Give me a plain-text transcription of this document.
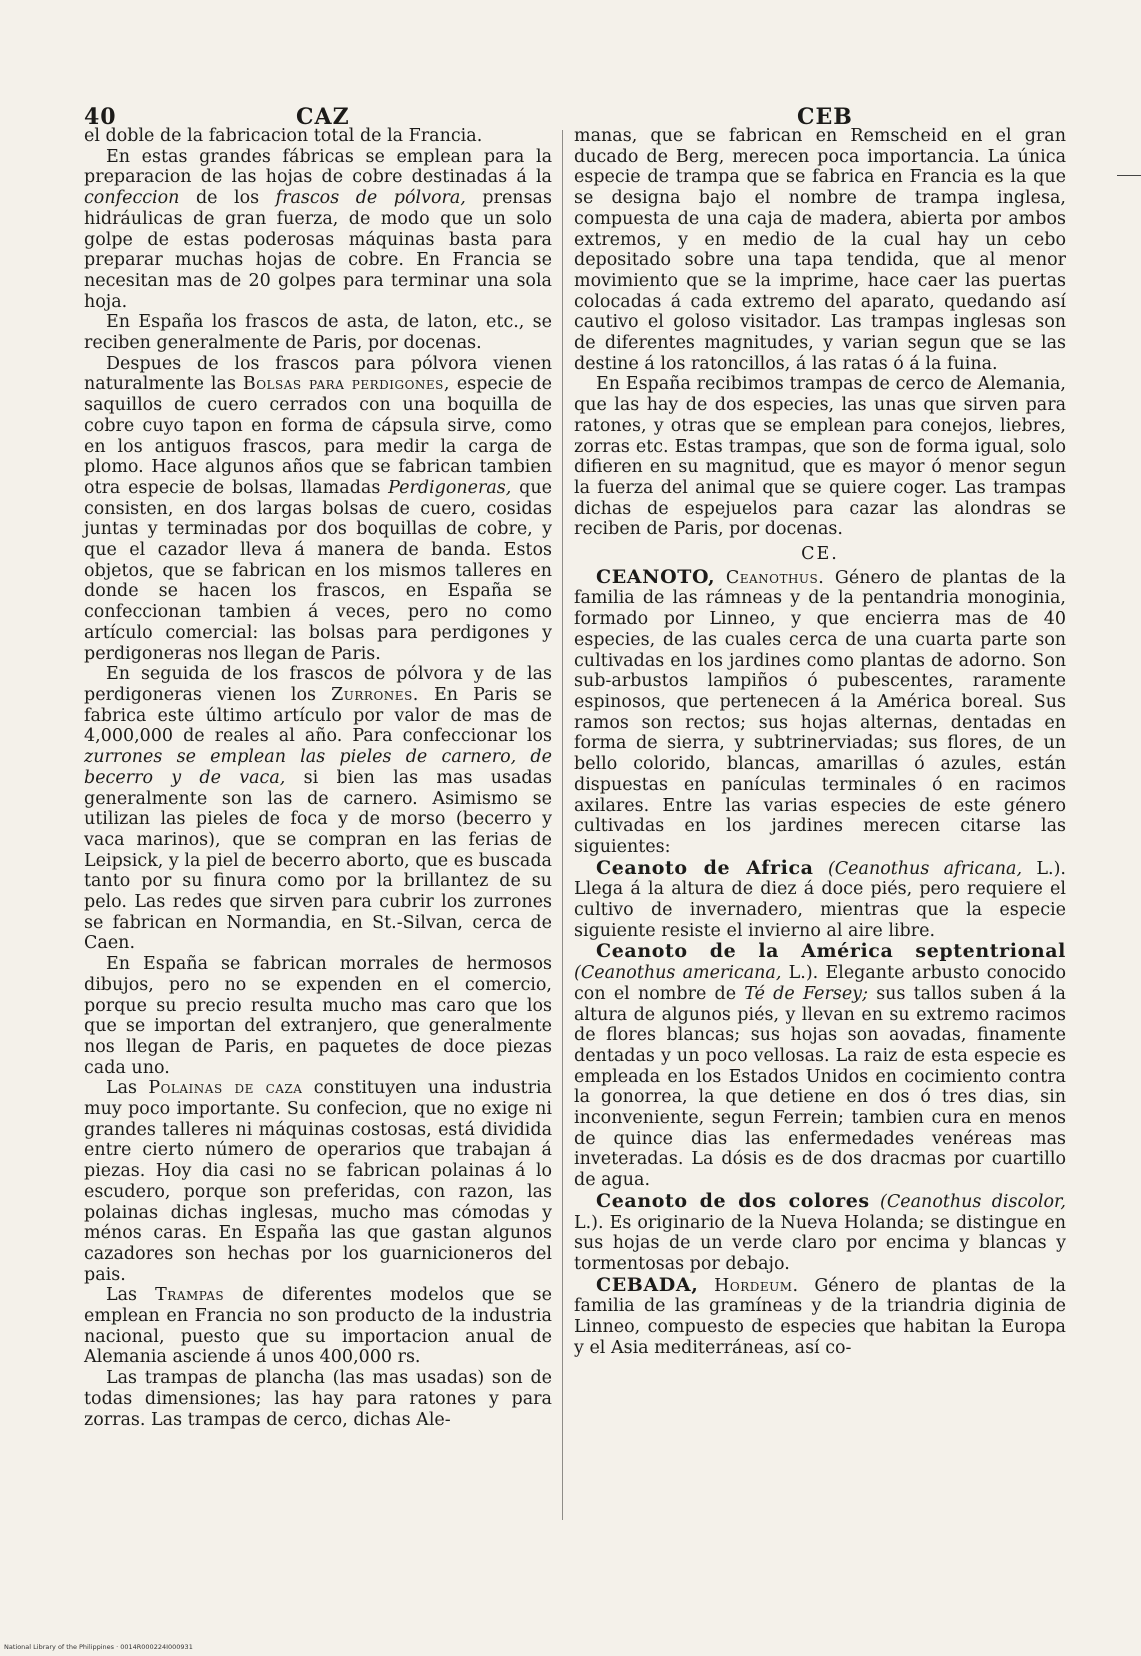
40	CAZ	CEB

el doble de la fabricacion total de la Francia.

En estas grandes fábricas se emplean para la preparacion de las hojas de cobre destinadas á la confeccion de los frascos de pólvora, prensas hidráulicas de gran fuerza, de modo que un solo golpe de estas poderosas máquinas basta para preparar muchas hojas de cobre. En Francia se necesitan mas de 20 golpes para terminar una sola hoja.

En España los frascos de asta, de laton, etc., se reciben generalmente de Paris, por docenas.

Despues de los frascos para pólvora vienen naturalmente las Bolsas para perdigones, especie de saquillos de cuero cerrados con una boquilla de cobre cuyo tapon en forma de cápsula sirve, como en los antiguos frascos, para medir la carga de plomo. Hace algunos años que se fabrican tambien otra especie de bolsas, llamadas Perdigoneras, que consisten, en dos largas bolsas de cuero, cosidas juntas y terminadas por dos boquillas de cobre, y que el cazador lleva á manera de banda. Estos objetos, que se fabrican en los mismos talleres en donde se hacen los frascos, en España se confeccionan tambien á veces, pero no como artículo comercial: las bolsas para perdigones y perdigoneras nos llegan de Paris.

En seguida de los frascos de pólvora y de las perdigoneras vienen los Zurrones. En Paris se fabrica este último artículo por valor de mas de 4,000,000 de reales al año. Para confeccionar los zurrones se emplean las pieles de carnero, de becerro y de vaca, si bien las mas usadas generalmente son las de carnero. Asimismo se utilizan las pieles de foca y de morso (becerro y vaca marinos), que se compran en las ferias de Leipsick, y la piel de becerro aborto, que es buscada tanto por su finura como por la brillantez de su pelo. Las redes que sirven para cubrir los zurrones se fabrican en Normandia, en St.-Silvan, cerca de Caen.

En España se fabrican morrales de hermosos dibujos, pero no se expenden en el comercio, porque su precio resulta mucho mas caro que los que se importan del extranjero, que generalmente nos llegan de Paris, en paquetes de doce piezas cada uno.

Las Polainas de caza constituyen una industria muy poco importante. Su confecion, que no exige ni grandes talleres ni máquinas costosas, está dividida entre cierto número de operarios que trabajan á piezas. Hoy dia casi no se fabrican polainas á lo escudero, porque son preferidas, con razon, las polainas dichas inglesas, mucho mas cómodas y ménos caras. En España las que gastan algunos cazadores son hechas por los guarnicioneros del pais.

Las Trampas de diferentes modelos que se emplean en Francia no son producto de la industria nacional, puesto que su importacion anual de Alemania asciende á unos 400,000 rs.

Las trampas de plancha (las mas usadas) son de todas dimensiones; las hay para ratones y para zorras. Las trampas de cerco, dichas Ale-

manas, que se fabrican en Remscheid en el gran ducado de Berg, merecen poca importancia. La única especie de trampa que se fabrica en Francia es la que se designa bajo el nombre de trampa inglesa, compuesta de una caja de madera, abierta por ambos extremos, y en medio de la cual hay un cebo depositado sobre una tapa tendida, que al menor movimiento que se la imprime, hace caer las puertas colocadas á cada extremo del aparato, quedando así cautivo el goloso visitador. Las trampas inglesas son de diferentes magnitudes, y varian segun que se las destine á los ratoncillos, á las ratas ó á la fuina.

En España recibimos trampas de cerco de Alemania, que las hay de dos especies, las unas que sirven para ratones, y otras que se emplean para conejos, liebres, zorras etc. Estas trampas, que son de forma igual, solo difieren en su magnitud, que es mayor ó menor segun la fuerza del animal que se quiere coger. Las trampas dichas de espejuelos para cazar las alondras se reciben de Paris, por docenas.

CE.

CEANOTO, Ceanothus. Género de plantas de la familia de las rámneas y de la pentandria monoginia, formado por Linneo, y que encierra mas de 40 especies, de las cuales cerca de una cuarta parte son cultivadas en los jardines como plantas de adorno. Son sub-arbustos lampiños ó pubescentes, raramente espinosos, que pertenecen á la América boreal. Sus ramos son rectos; sus hojas alternas, dentadas en forma de sierra, y subtrinerviadas; sus flores, de un bello colorido, blancas, amarillas ó azules, están dispuestas en panículas terminales ó en racimos axilares. Entre las varias especies de este género cultivadas en los jardines merecen citarse las siguientes:

Ceanoto de Africa (Ceanothus africana, L.). Llega á la altura de diez á doce piés, pero requiere el cultivo de invernadero, mientras que la especie siguiente resiste el invierno al aire libre.

Ceanoto de la América septentrional (Ceanothus americana, L.). Elegante arbusto conocido con el nombre de Té de Fersey; sus tallos suben á la altura de algunos piés, y llevan en su extremo racimos de flores blancas; sus hojas son aovadas, finamente dentadas y un poco vellosas. La raiz de esta especie es empleada en los Estados Unidos en cocimiento contra la gonorrea, la que detiene en dos ó tres dias, sin inconveniente, segun Ferrein; tambien cura en menos de quince dias las enfermedades venéreas mas inveteradas. La dósis es de dos dracmas por cuartillo de agua.

Ceanoto de dos colores (Ceanothus discolor, L.). Es originario de la Nueva Holanda; se distingue en sus hojas de un verde claro por encima y blancas y tormentosas por debajo.

CEBADA, Hordeum. Género de plantas de la familia de las gramíneas y de la triandria diginia de Linneo, compuesto de especies que habitan la Europa y el Asia mediterráneas, así co-

National Library of the Philippines · 0014R000224I000931
